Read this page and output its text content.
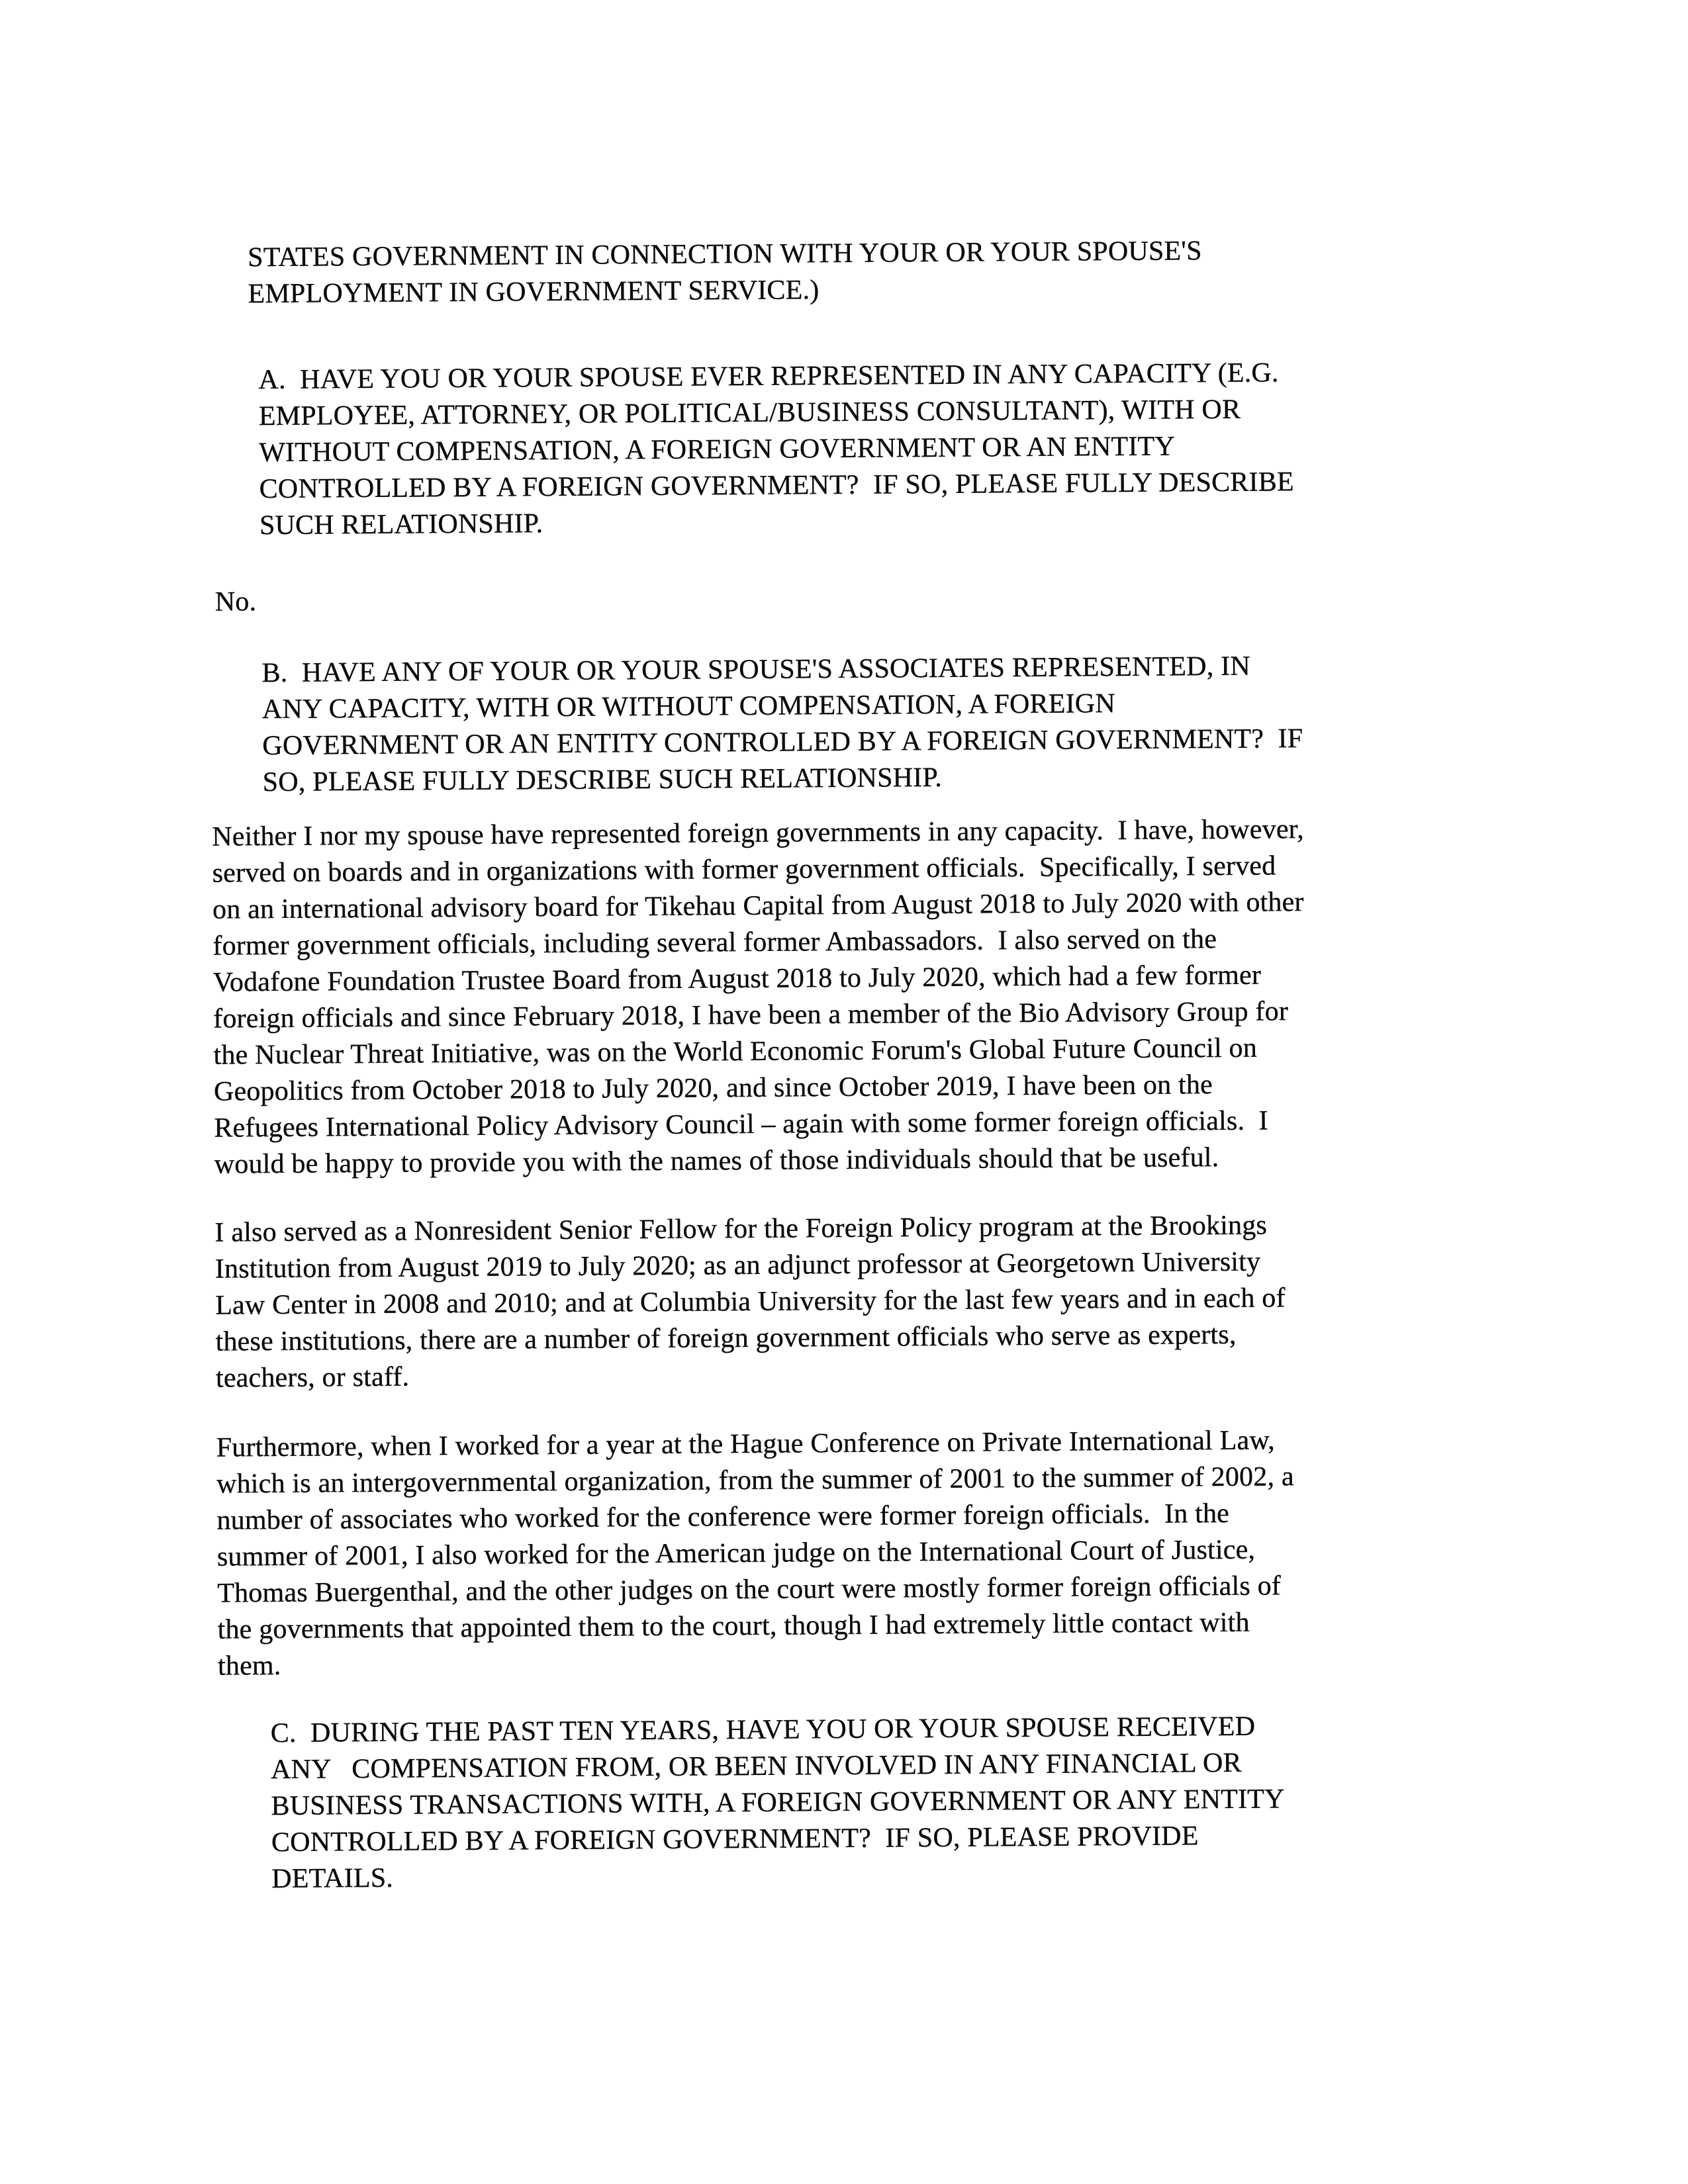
STATES GOVERNMENT IN CONNECTION WITH YOUR OR YOUR SPOUSE'S
EMPLOYMENT IN GOVERNMENT SERVICE.)
A.  HAVE YOU OR YOUR SPOUSE EVER REPRESENTED IN ANY CAPACITY (E.G.
EMPLOYEE, ATTORNEY, OR POLITICAL/BUSINESS CONSULTANT), WITH OR
WITHOUT COMPENSATION, A FOREIGN GOVERNMENT OR AN ENTITY
CONTROLLED BY A FOREIGN GOVERNMENT?  IF SO, PLEASE FULLY DESCRIBE
SUCH RELATIONSHIP.
No.
B.  HAVE ANY OF YOUR OR YOUR SPOUSE'S ASSOCIATES REPRESENTED, IN
ANY CAPACITY, WITH OR WITHOUT COMPENSATION, A FOREIGN
GOVERNMENT OR AN ENTITY CONTROLLED BY A FOREIGN GOVERNMENT?  IF
SO, PLEASE FULLY DESCRIBE SUCH RELATIONSHIP.
Neither I nor my spouse have represented foreign governments in any capacity.  I have, however,
served on boards and in organizations with former government officials.  Specifically, I served
on an international advisory board for Tikehau Capital from August 2018 to July 2020 with other
former government officials, including several former Ambassadors.  I also served on the
Vodafone Foundation Trustee Board from August 2018 to July 2020, which had a few former
foreign officials and since February 2018, I have been a member of the Bio Advisory Group for
the Nuclear Threat Initiative, was on the World Economic Forum's Global Future Council on
Geopolitics from October 2018 to July 2020, and since October 2019, I have been on the
Refugees International Policy Advisory Council – again with some former foreign officials.  I
would be happy to provide you with the names of those individuals should that be useful.
I also served as a Nonresident Senior Fellow for the Foreign Policy program at the Brookings
Institution from August 2019 to July 2020; as an adjunct professor at Georgetown University
Law Center in 2008 and 2010; and at Columbia University for the last few years and in each of
these institutions, there are a number of foreign government officials who serve as experts,
teachers, or staff.
Furthermore, when I worked for a year at the Hague Conference on Private International Law,
which is an intergovernmental organization, from the summer of 2001 to the summer of 2002, a
number of associates who worked for the conference were former foreign officials.  In the
summer of 2001, I also worked for the American judge on the International Court of Justice,
Thomas Buergenthal, and the other judges on the court were mostly former foreign officials of
the governments that appointed them to the court, though I had extremely little contact with
them.
C.  DURING THE PAST TEN YEARS, HAVE YOU OR YOUR SPOUSE RECEIVED
ANY   COMPENSATION FROM, OR BEEN INVOLVED IN ANY FINANCIAL OR
BUSINESS TRANSACTIONS WITH, A FOREIGN GOVERNMENT OR ANY ENTITY
CONTROLLED BY A FOREIGN GOVERNMENT?  IF SO, PLEASE PROVIDE
DETAILS.
